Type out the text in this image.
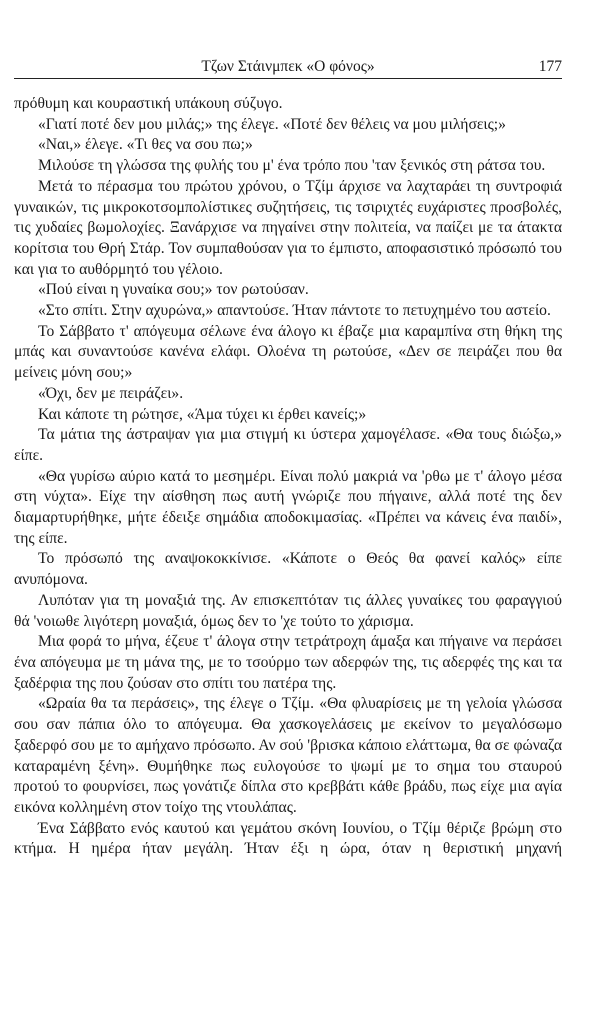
Τζων Στάινμπεκ «Ο φόνος»	177

πρόθυμη και κουραστική υπάκουη σύζυγο.

«Γιατί ποτέ δεν μου μιλάς;» της έλεγε. «Ποτέ δεν θέλεις να μου μιλήσεις;»

«Ναι,» έλεγε. «Τι θες να σου πω;»

Μιλούσε τη γλώσσα της φυλής του μ' ένα τρόπο που 'ταν ξενικός στη ράτσα του.

Μετά το πέρασμα του πρώτου χρόνου, ο Τζίμ άρχισε να λαχταράει τη συντροφιά γυναικών, τις μικροκοτσομπολίστικες συζητήσεις, τις τσιριχτές ευχάριστες προσβολές, τις χυδαίες βωμολοχίες. Ξανάρχισε να πηγαίνει στην πολιτεία, να παίζει με τα άτακτα κορίτσια του Θρή Στάρ. Τον συμπαθούσαν για το έμπιστο, αποφασιστικό πρόσωπό του και για το αυθόρμητό του γέλοιο.

«Πού είναι η γυναίκα σου;» τον ρωτούσαν.

«Στο σπίτι. Στην αχυρώνα,» απαντούσε. Ήταν πάντοτε το πετυχημένο του αστείο.

Το Σάββατο τ' απόγευμα σέλωνε ένα άλογο κι έβαζε μια καραμπίνα στη θήκη της μπάς και συναντούσε κανένα ελάφι. Ολοένα τη ρωτούσε, «Δεν σε πειράζει που θα μείνεις μόνη σου;»

«Όχι, δεν με πειράζει».

Και κάποτε τη ρώτησε, «Άμα τύχει κι έρθει κανείς;»

Τα μάτια της άστραψαν για μια στιγμή κι ύστερα χαμογέλασε. «Θα τους διώξω,» είπε.

«Θα γυρίσω αύριο κατά το μεσημέρι. Είναι πολύ μακριά να 'ρθω με τ' άλογο μέσα στη νύχτα». Είχε την αίσθηση πως αυτή γνώριζε που πήγαινε, αλλά ποτέ της δεν διαμαρτυρήθηκε, μήτε έδειξε σημάδια αποδοκιμασίας. «Πρέπει να κάνεις ένα παιδί», της είπε.

Το πρόσωπό της αναψοκοκκίνισε. «Κάποτε ο Θεός θα φανεί καλός» είπε ανυπόμονα.

Λυπόταν για τη μοναξιά της. Αν επισκεπτόταν τις άλλες γυναίκες του φαραγγιού θά 'νοιωθε λιγότερη μοναξιά, όμως δεν το 'χε τούτο το χάρισμα.

Μια φορά το μήνα, έζευε τ' άλογα στην τετράτροχη άμαξα και πήγαινε να περάσει ένα απόγευμα με τη μάνα της, με το τσούρμο των αδερφών της, τις αδερφές της και τα ξαδέρφια της που ζούσαν στο σπίτι του πατέρα της.

«Ωραία θα τα περάσεις», της έλεγε ο Τζίμ. «Θα φλυαρίσεις με τη γελοία γλώσσα σου σαν πάπια όλο το απόγευμα. Θα χασκογελάσεις με εκείνον το μεγαλόσωμο ξαδερφό σου με το αμήχανο πρόσωπο. Αν σού 'βρισκα κάποιο ελάττωμα, θα σε φώναζα καταραμένη ξένη». Θυμήθηκε πως ευλογούσε το ψωμί με το σημα του σταυρού προτού το φουρνίσει, πως γονάτιζε δίπλα στο κρεββάτι κάθε βράδυ, πως είχε μια αγία εικόνα κολλημένη στον τοίχο της ντουλάπας.

Ένα Σάββατο ενός καυτού και γεμάτου σκόνη Ιουνίου, ο Τζίμ θέριζε βρώμη στο κτήμα. Η ημέρα ήταν μεγάλη. Ήταν έξι η ώρα, όταν η θεριστική μηχανή
